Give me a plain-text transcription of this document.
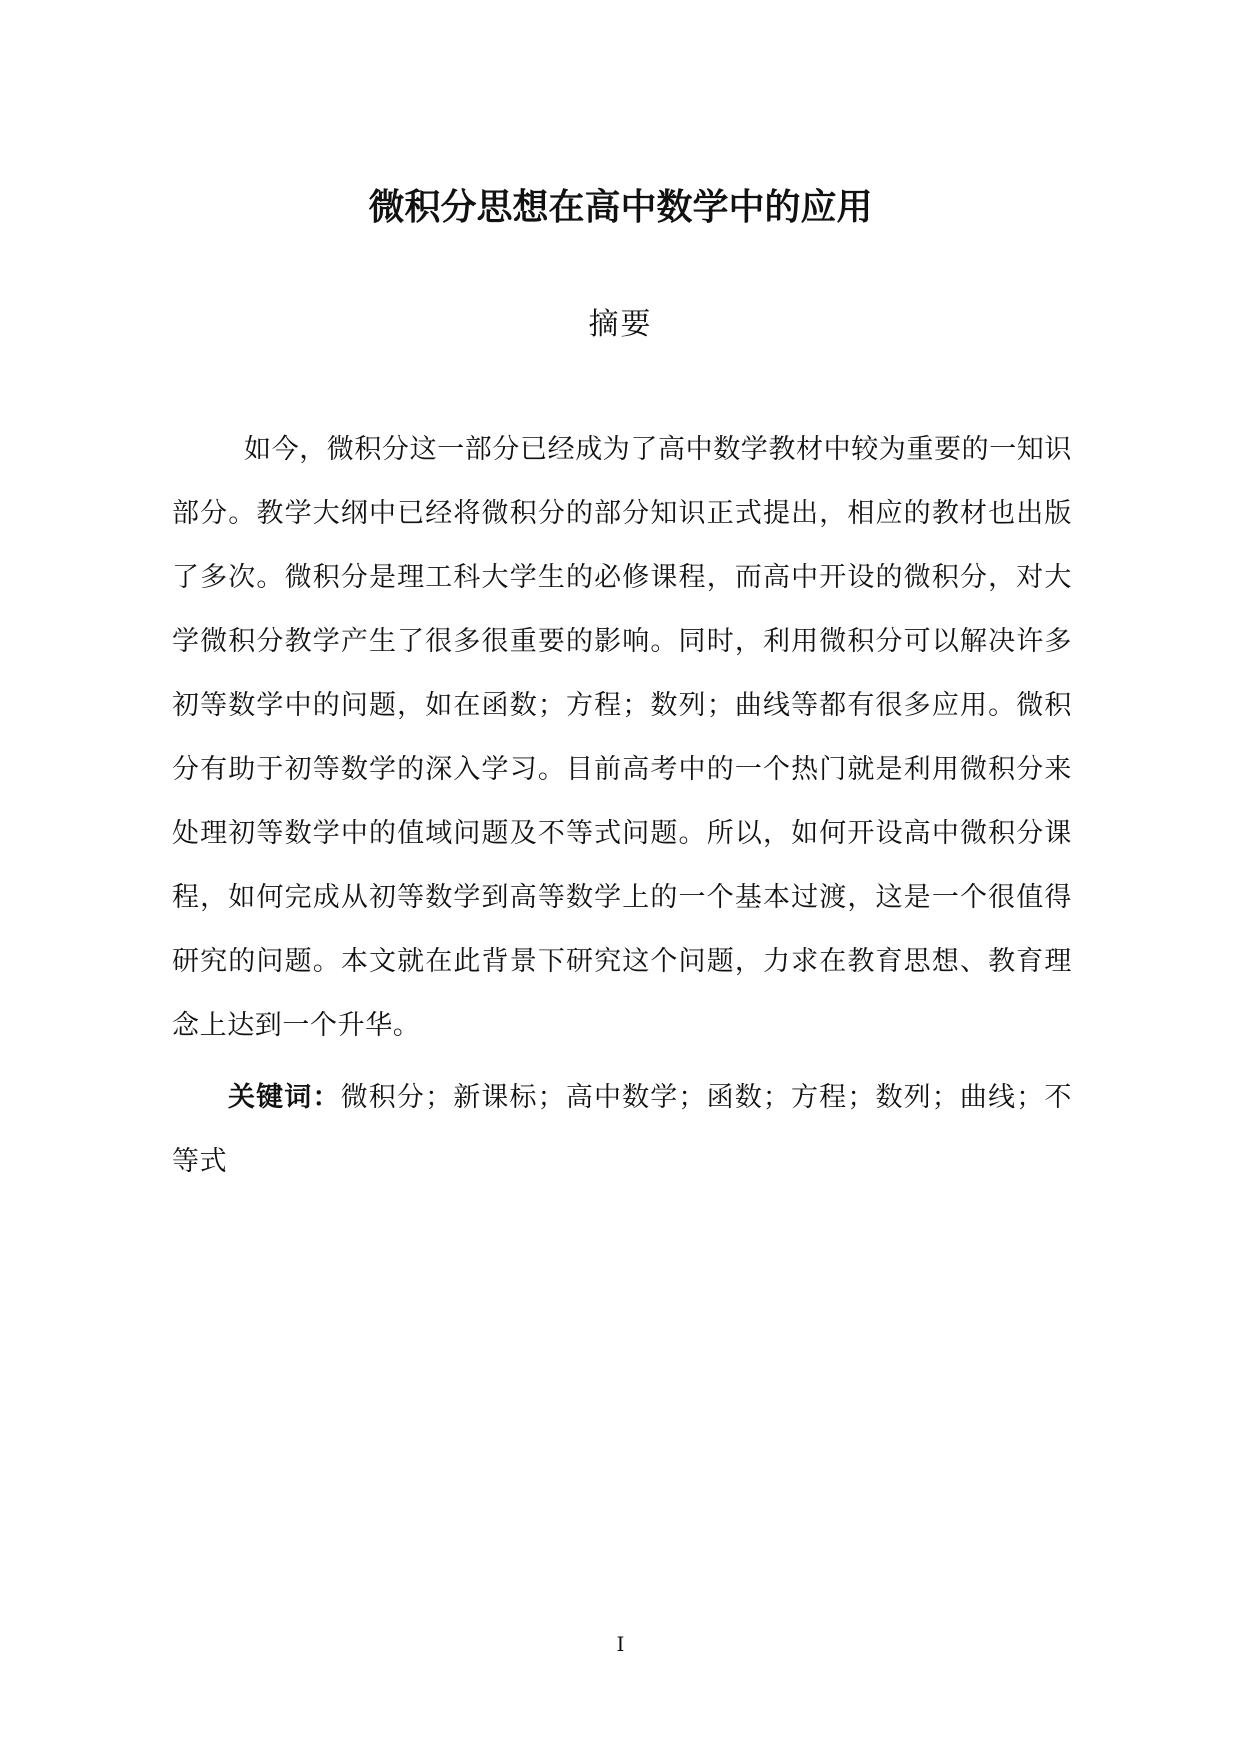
微积分思想在高中数学中的应用
摘要

如今，微积分这一部分已经成为了高中数学教材中较为重要的一知识部分。教学大纲中已经将微积分的部分知识正式提出，相应的教材也出版了多次。微积分是理工科大学生的必修课程，而高中开设的微积分，对大学微积分教学产生了很多很重要的影响。同时，利用微积分可以解决许多初等数学中的问题，如在函数；方程；数列；曲线等都有很多应用。微积分有助于初等数学的深入学习。目前高考中的一个热门就是利用微积分来处理初等数学中的值域问题及不等式问题。所以，如何开设高中微积分课程，如何完成从初等数学到高等数学上的一个基本过渡，这是一个很值得研究的问题。本文就在此背景下研究这个问题，力求在教育思想、教育理念上达到一个升华。

关键词：微积分；新课标；高中数学；函数；方程；数列；曲线；不等式

I
